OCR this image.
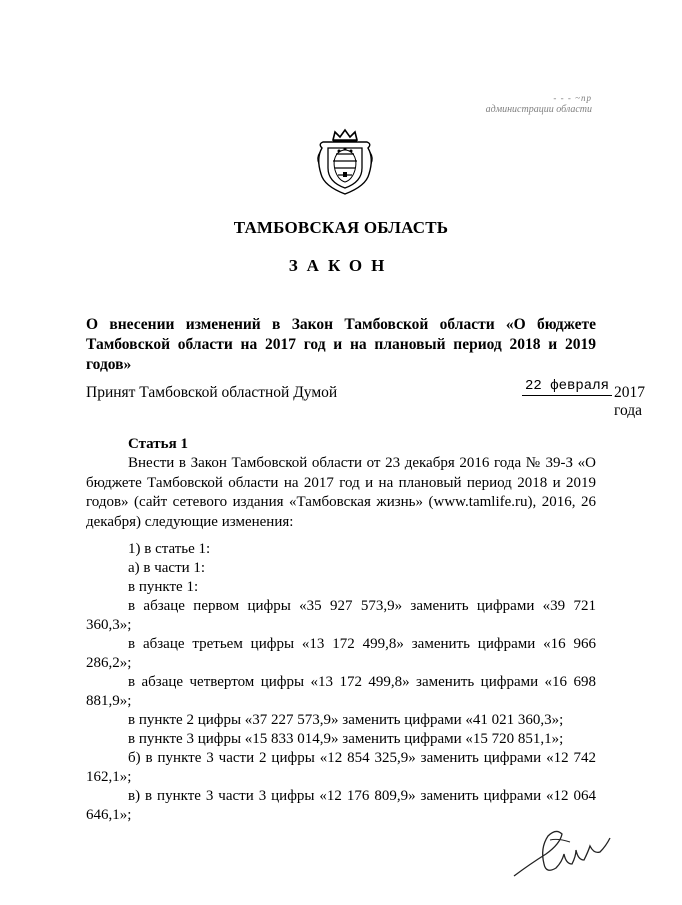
- - - ~пр
администрации области
ТАМБОВСКАЯ ОБЛАСТЬ
ЗАКОН
О внесении изменений в Закон Тамбовской области «О бюджете Тамбовской области на 2017 год и на плановый период 2018 и 2019 годов»
Принят Тамбовской областной Думой	22 февраля 2017 года
Статья 1

Внести в Закон Тамбовской области от 23 декабря 2016 года № 39-З «О бюджете Тамбовской области на 2017 год и на плановый период 2018 и 2019 годов» (сайт сетевого издания «Тамбовская жизнь» (www.tamlife.ru), 2016, 26 декабря) следующие изменения:

1) в статье 1:

а) в части 1:

в пункте 1:

в абзаце первом цифры «35 927 573,9» заменить цифрами «39 721 360,3»;

в абзаце третьем цифры «13 172 499,8» заменить цифрами «16 966 286,2»;

в абзаце четвертом цифры «13 172 499,8» заменить цифрами «16 698 881,9»;

в пункте 2 цифры «37 227 573,9» заменить цифрами «41 021 360,3»;

в пункте 3 цифры «15 833 014,9» заменить цифрами «15 720 851,1»;

б) в пункте 3 части 2 цифры «12 854 325,9» заменить цифрами «12 742 162,1»;

в) в пункте 3 части 3 цифры «12 176 809,9» заменить цифрами «12 064 646,1»;
